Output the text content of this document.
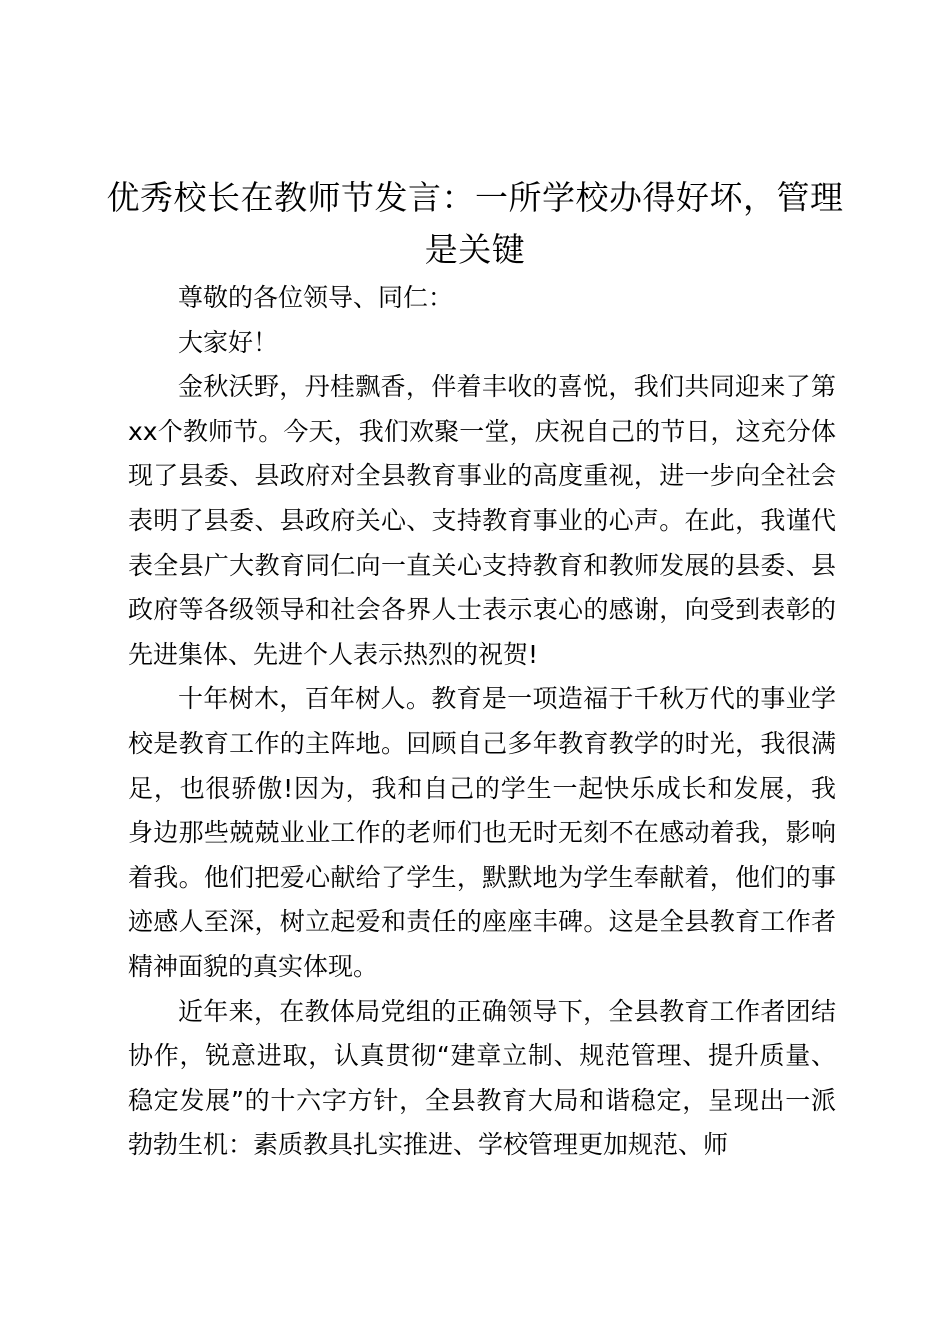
优秀校长在教师节发言：一所学校办得好坏，管理是关键

尊敬的各位领导、同仁：

大家好！

金秋沃野，丹桂飘香，伴着丰收的喜悦，我们共同迎来了第xx个教师节。今天，我们欢聚一堂，庆祝自己的节日，这充分体现了县委、县政府对全县教育事业的高度重视，进一步向全社会表明了县委、县政府关心、支持教育事业的心声。在此，我谨代表全县广大教育同仁向一直关心支持教育和教师发展的县委、县政府等各级领导和社会各界人士表示衷心的感谢，向受到表彰的先进集体、先进个人表示热烈的祝贺!

十年树木，百年树人。教育是一项造福于千秋万代的事业学校是教育工作的主阵地。回顾自己多年教育教学的时光，我很满足，也很骄傲!因为，我和自己的学生一起快乐成长和发展，我身边那些兢兢业业工作的老师们也无时无刻不在感动着我，影响着我。他们把爱心献给了学生，默默地为学生奉献着，他们的事迹感人至深，树立起爱和责任的座座丰碑。这是全县教育工作者精神面貌的真实体现。

近年来，在教体局党组的正确领导下，全县教育工作者团结协作，锐意进取，认真贯彻“建章立制、规范管理、提升质量、稳定发展”的十六字方针，全县教育大局和谐稳定，呈现出一派勃勃生机：素质教具扎实推进、学校管理更加规范、师
